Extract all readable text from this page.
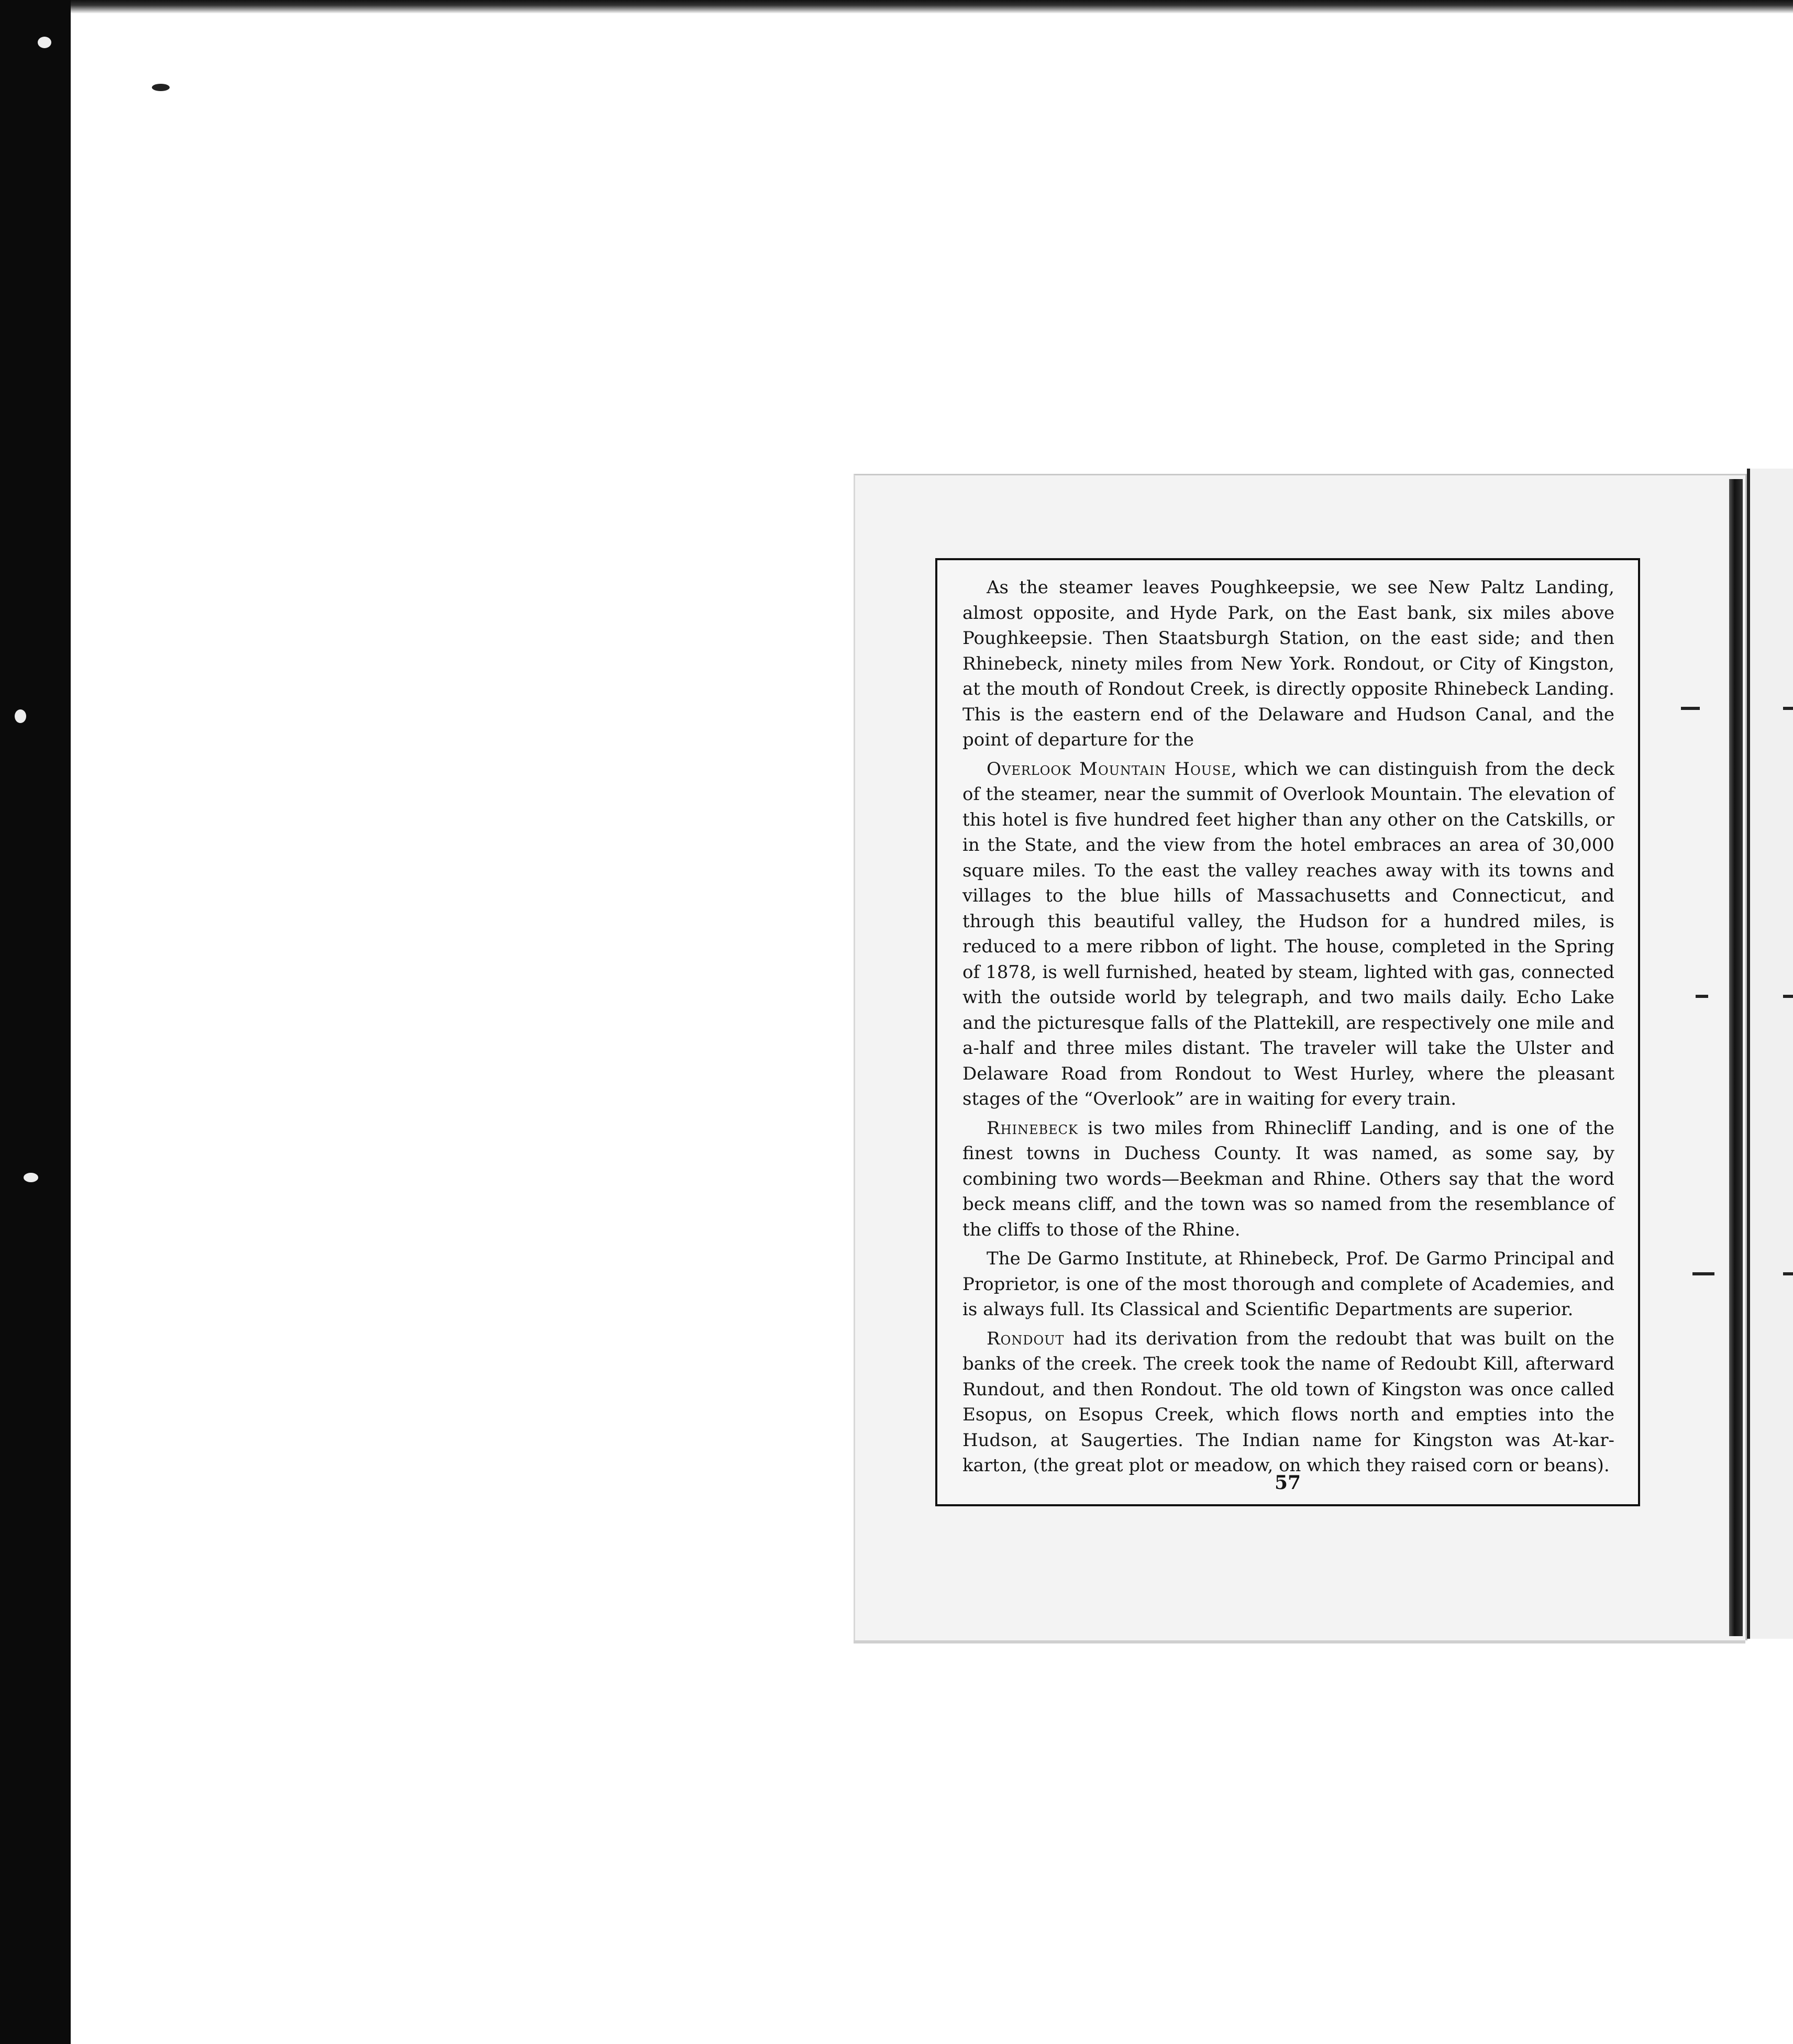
As the steamer leaves Poughkeepsie, we see New Paltz Landing, almost opposite, and Hyde Park, on the East bank, six miles above Poughkeepsie. Then Staatsburgh Station, on the east side; and then Rhinebeck, ninety miles from New York. Rondout, or City of Kingston, at the mouth of Rondout Creek, is directly opposite Rhinebeck Landing. This is the eastern end of the Delaware and Hudson Canal, and the point of departure for the

Overlook Mountain House, which we can distinguish from the deck of the steamer, near the summit of Overlook Mountain. The elevation of this hotel is five hundred feet higher than any other on the Catskills, or in the State, and the view from the hotel embraces an area of 30,000 square miles. To the east the valley reaches away with its towns and villages to the blue hills of Massachusetts and Connecticut, and through this beautiful valley, the Hudson for a hundred miles, is reduced to a mere ribbon of light. The house, completed in the Spring of 1878, is well furnished, heated by steam, lighted with gas, connected with the outside world by telegraph, and two mails daily. Echo Lake and the picturesque falls of the Plattekill, are respectively one mile and a-half and three miles distant. The traveler will take the Ulster and Delaware Road from Rondout to West Hurley, where the pleasant stages of the “Overlook” are in waiting for every train.

Rhinebeck is two miles from Rhinecliff Landing, and is one of the finest towns in Duchess County. It was named, as some say, by combining two words—Beekman and Rhine. Others say that the word beck means cliff, and the town was so named from the resemblance of the cliffs to those of the Rhine.

The De Garmo Institute, at Rhinebeck, Prof. De Garmo Principal and Proprietor, is one of the most thorough and complete of Academies, and is always full. Its Classical and Scientific Departments are superior.

Rondout had its derivation from the redoubt that was built on the banks of the creek. The creek took the name of Redoubt Kill, afterward Rundout, and then Rondout. The old town of Kingston was once called Esopus, on Esopus Creek, which flows north and empties into the Hudson, at Saugerties. The Indian name for Kingston was At-kar-karton, (the great plot or meadow, on which they raised corn or beans).

57
